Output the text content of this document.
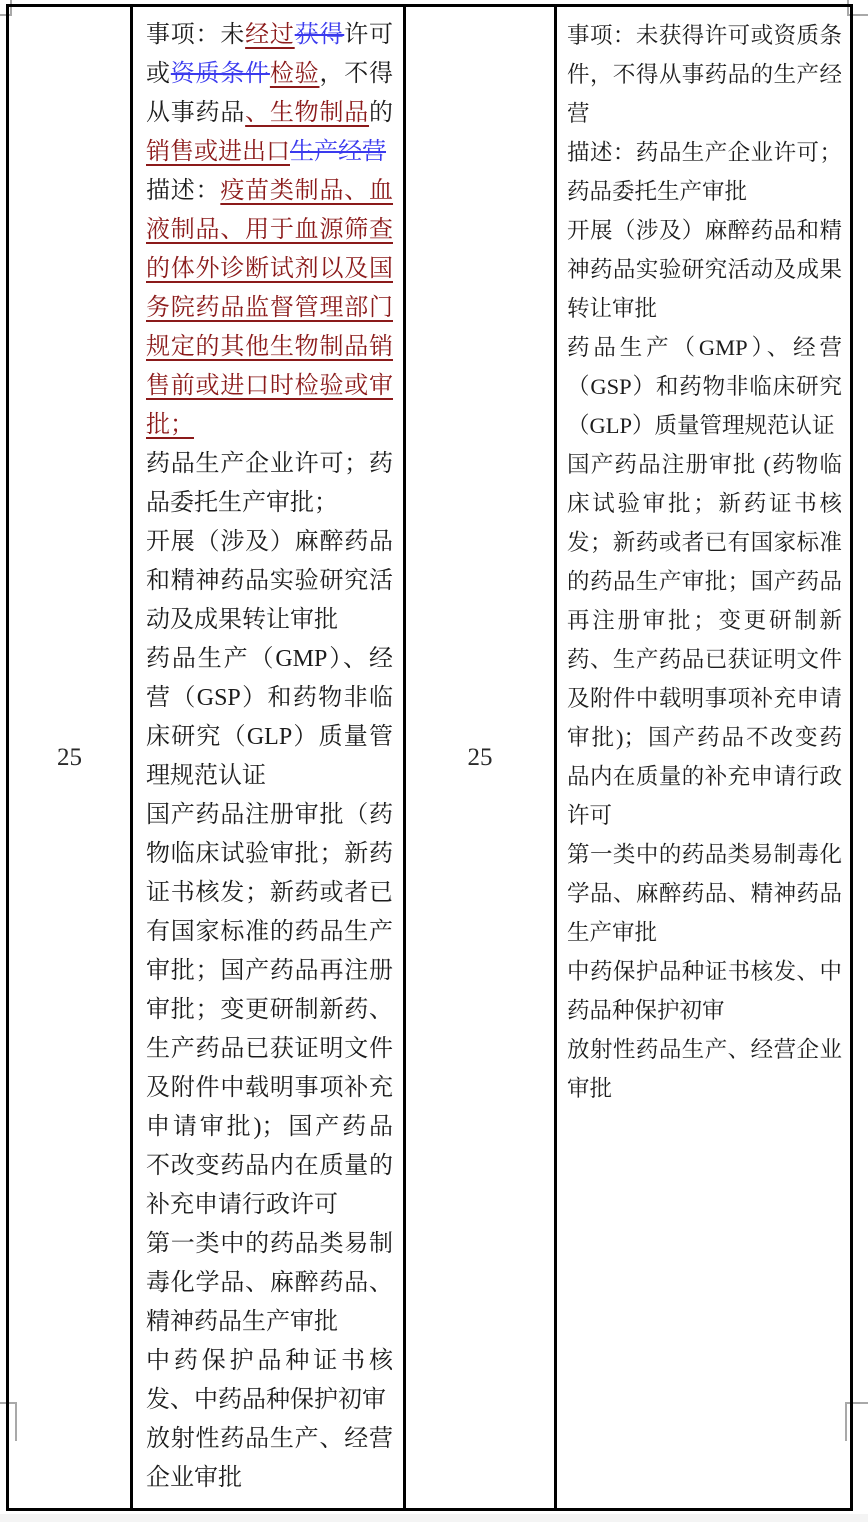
25

事项：未经过获得许可或资质条件检验，不得从事药品、生物制品的销售或进出口生产经营

描述：疫苗类制品、血液制品、用于血源筛查的体外诊断试剂以及国务院药品监督管理部门规定的其他生物制品销售前或进口时检验或审批；

药品生产企业许可；药品委托生产审批；

开展（涉及）麻醉药品和精神药品实验研究活动及成果转让审批

药品生产（GMP）、经营（GSP）和药物非临床研究（GLP）质量管理规范认证

国产药品注册审批（药物临床试验审批；新药证书核发；新药或者已有国家标准的药品生产审批；国产药品再注册审批；变更研制新药、生产药品已获证明文件及附件中载明事项补充申请审批)；国产药品不改变药品内在质量的补充申请行政许可

第一类中的药品类易制毒化学品、麻醉药品、精神药品生产审批

中药保护品种证书核发、中药品种保护初审

放射性药品生产、经营企业审批

25

事项：未获得许可或资质条件，不得从事药品的生产经营

描述：药品生产企业许可；药品委托生产审批

开展（涉及）麻醉药品和精神药品实验研究活动及成果转让审批

药品生产（GMP）、经营（GSP）和药物非临床研究（GLP）质量管理规范认证

国产药品注册审批 (药物临床试验审批；新药证书核发；新药或者已有国家标准的药品生产审批；国产药品再注册审批；变更研制新药、生产药品已获证明文件及附件中载明事项补充申请审批)；国产药品不改变药品内在质量的补充申请行政许可

第一类中的药品类易制毒化学品、麻醉药品、精神药品生产审批

中药保护品种证书核发、中药品种保护初审

放射性药品生产、经营企业审批
